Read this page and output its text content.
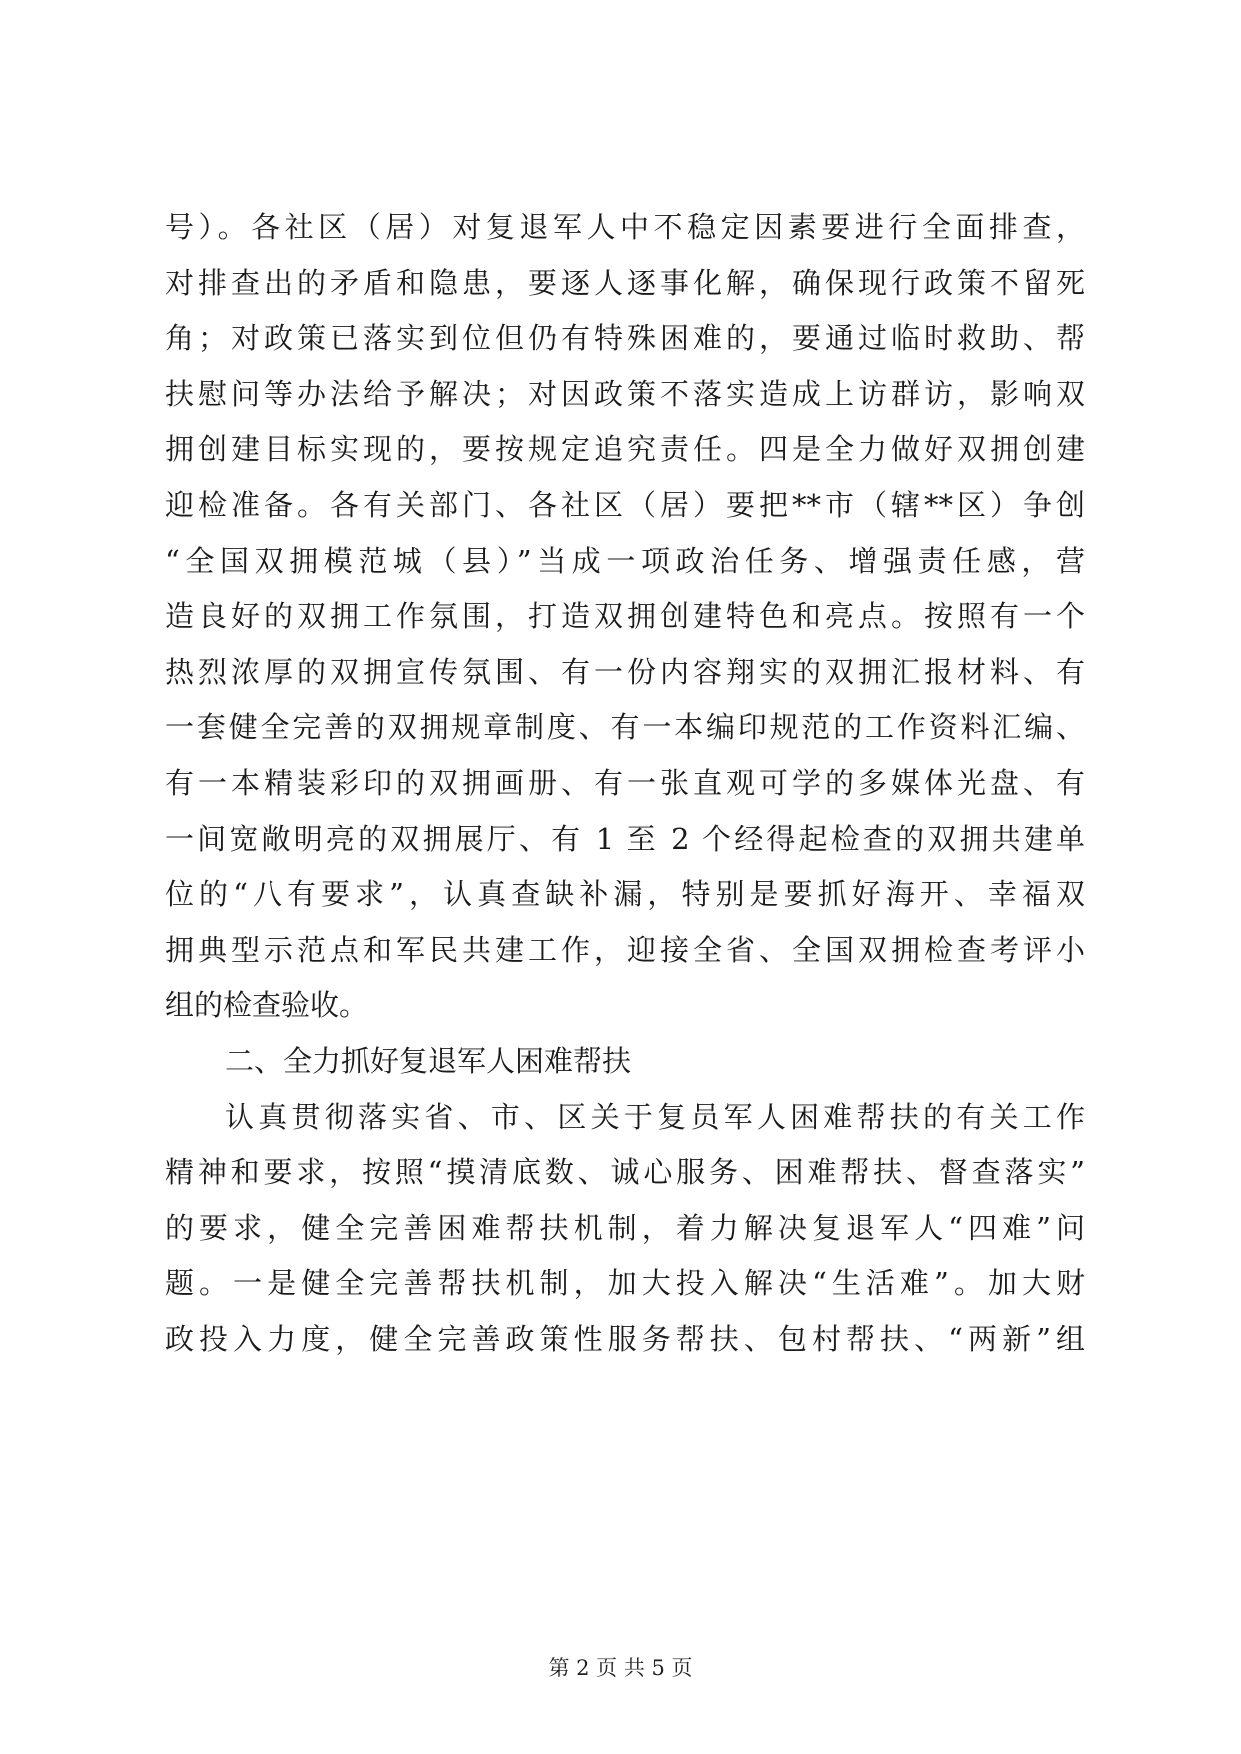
号）。各社区（居）对复退军人中不稳定因素要进行全面排查，
对排查出的矛盾和隐患，要逐人逐事化解，确保现行政策不留死
角；对政策已落实到位但仍有特殊困难的，要通过临时救助、帮
扶慰问等办法给予解决；对因政策不落实造成上访群访，影响双
拥创建目标实现的，要按规定追究责任。四是全力做好双拥创建
迎检准备。各有关部门、各社区（居）要把**市（辖**区）争创
“全国双拥模范城（县）”当成一项政治任务、增强责任感，营
造良好的双拥工作氛围，打造双拥创建特色和亮点。按照有一个
热烈浓厚的双拥宣传氛围、有一份内容翔实的双拥汇报材料、有
一套健全完善的双拥规章制度、有一本编印规范的工作资料汇编、
有一本精装彩印的双拥画册、有一张直观可学的多媒体光盘、有
一间宽敞明亮的双拥展厅、有 1 至 2 个经得起检查的双拥共建单
位的“八有要求”，认真查缺补漏，特别是要抓好海开、幸福双
拥典型示范点和军民共建工作，迎接全省、全国双拥检查考评小
组的检查验收。
二、全力抓好复退军人困难帮扶
认真贯彻落实省、市、区关于复员军人困难帮扶的有关工作
精神和要求，按照“摸清底数、诚心服务、困难帮扶、督查落实”
的要求，健全完善困难帮扶机制，着力解决复退军人“四难”问
题。一是健全完善帮扶机制，加大投入解决“生活难”。加大财
政投入力度，健全完善政策性服务帮扶、包村帮扶、“两新”组
第 2 页 共 5 页
